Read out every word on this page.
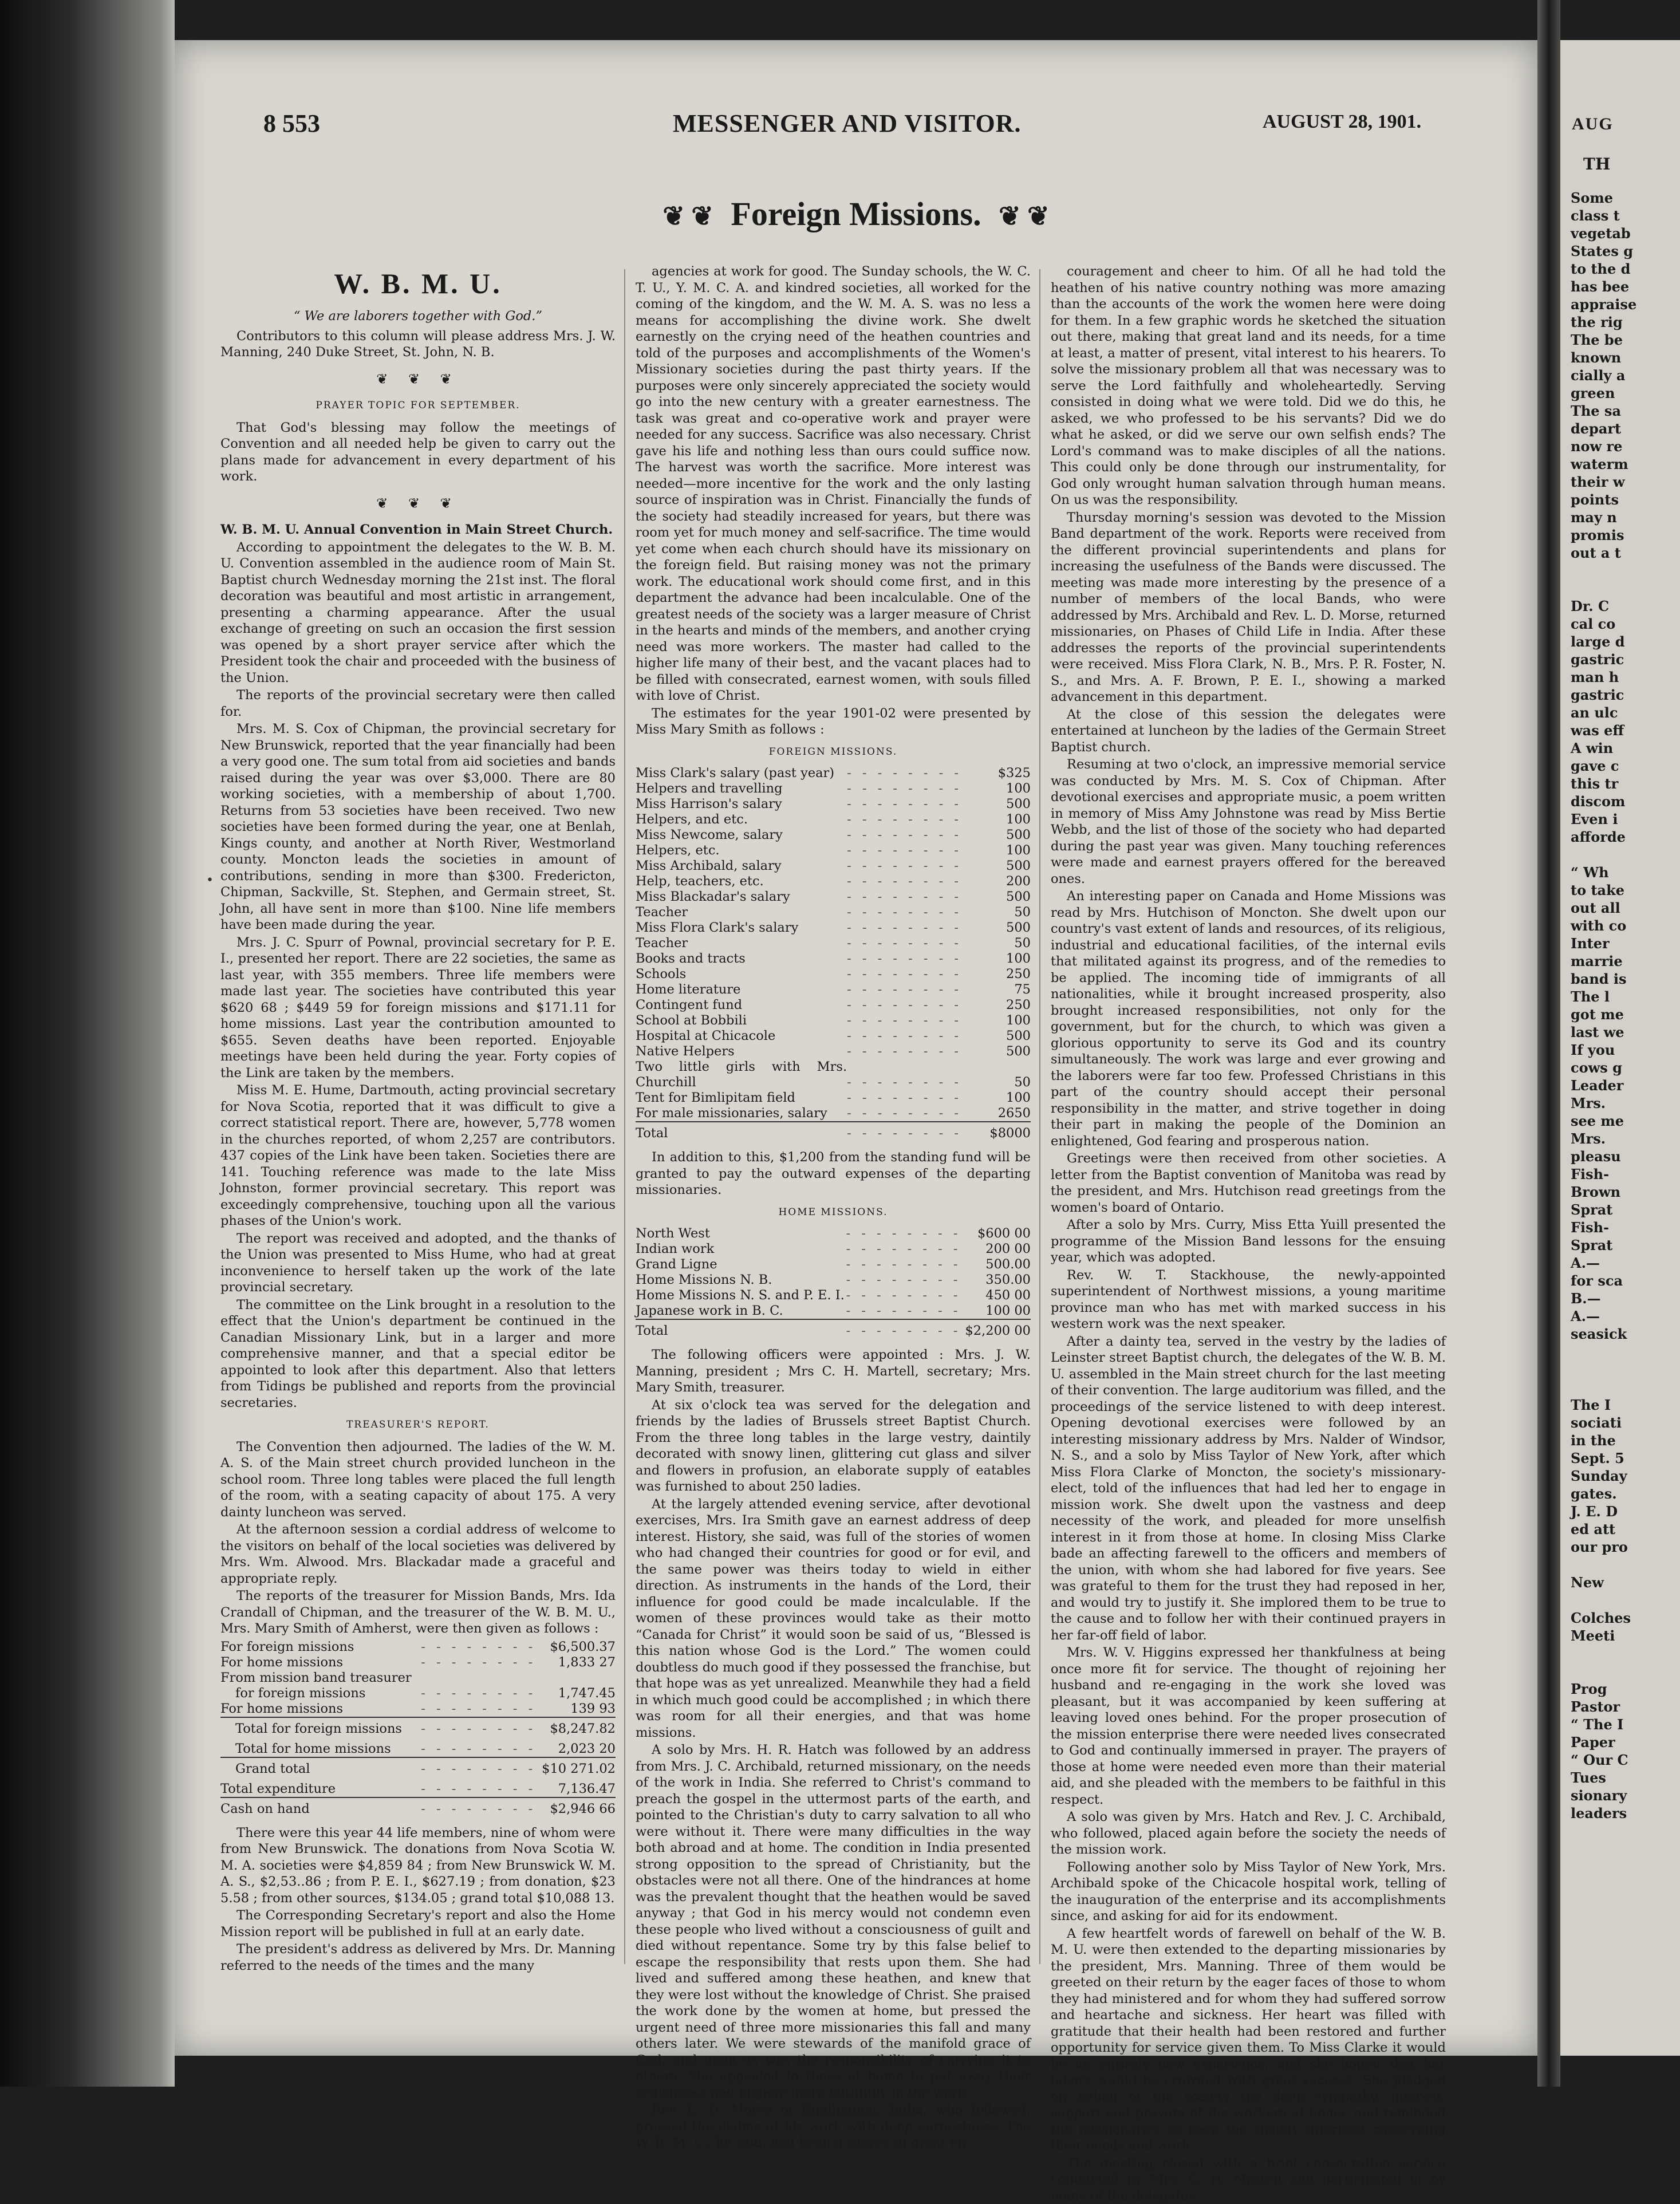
8 553	MESSENGER AND VISITOR.	AUGUST 28, 1901.
❦ ❦ Foreign Missions. ❦ ❦
W. B. M. U.
“ We are laborers together with God.”

Contributors to this column will please address Mrs. J. W. Manning, 240 Duke Street, St. John, N. B.

❦ ❦ ❦
PRAYER TOPIC FOR SEPTEMBER.

That God's blessing may follow the meetings of Convention and all needed help be given to carry out the plans made for advancement in every department of his work.

❦ ❦ ❦

W. B. M. U. Annual Convention in Main Street Church.

According to appointment the delegates to the W. B. M. U. Convention assembled in the audience room of Main St. Baptist church Wednesday morning the 21st inst. The floral decoration was beautiful and most artistic in arrangement, presenting a charming appearance. After the usual exchange of greeting on such an occasion the first session was opened by a short prayer service after which the President took the chair and proceeded with the business of the Union.

The reports of the provincial secretary were then called for.

Mrs. M. S. Cox of Chipman, the provincial secretary for New Brunswick, reported that the year financially had been a very good one. The sum total from aid societies and bands raised during the year was over $3,000. There are 80 working societies, with a membership of about 1,700. Returns from 53 societies have been received. Two new societies have been formed during the year, one at Benlah, Kings county, and another at North River, Westmorland county. Moncton leads the societies in amount of contributions, sending in more than $300. Fredericton, Chipman, Sackville, St. Stephen, and Germain street, St. John, all have sent in more than $100. Nine life members have been made during the year.

Mrs. J. C. Spurr of Pownal, provincial secretary for P. E. I., presented her report. There are 22 societies, the same as last year, with 355 members. Three life members were made last year. The societies have contributed this year $620 68 ; $449 59 for foreign missions and $171.11 for home missions. Last year the contribution amounted to $655. Seven deaths have been reported. Enjoyable meetings have been held during the year. Forty copies of the Link are taken by the members.

Miss M. E. Hume, Dartmouth, acting provincial secretary for Nova Scotia, reported that it was difficult to give a correct statistical report. There are, however, 5,778 women in the churches reported, of whom 2,257 are contributors. 437 copies of the Link have been taken. Societies there are 141. Touching reference was made to the late Miss Johnston, former provincial secretary. This report was exceedingly comprehensive, touching upon all the various phases of the Union's work.

The report was received and adopted, and the thanks of the Union was presented to Miss Hume, who had at great inconvenience to herself taken up the work of the late provincial secretary.

The committee on the Link brought in a resolution to the effect that the Union's department be continued in the Canadian Missionary Link, but in a larger and more comprehensive manner, and that a special editor be appointed to look after this department. Also that letters from Tidings be published and reports from the provincial secretaries.

TREASURER'S REPORT.

The Convention then adjourned. The ladies of the W. M. A. S. of the Main street church provided luncheon in the school room. Three long tables were placed the full length of the room, with a seating capacity of about 175. A very dainty luncheon was served.

At the afternoon session a cordial address of welcome to the visitors on behalf of the local societies was delivered by Mrs. Wm. Alwood. Mrs. Blackadar made a graceful and appropriate reply.

The reports of the treasurer for Mission Bands, Mrs. Ida Crandall of Chipman, and the treasurer of the W. B. M. U., Mrs. Mary Smith of Amherst, were then given as follows :

For foreign missions	- - - - - - - -	$6,500.37
For home missions	- - - - - - - -	1,833 27
From mission band treasurer		
for foreign missions	- - - - - - - -	1,747.45
For home missions	- - - - - - - -	139 93
Total for foreign missions	- - - - - - - -	$8,247.82
Total for home missions	- - - - - - - -	2,023 20
Grand total	- - - - - - - -	$10 271.02
Total expenditure	- - - - - - - -	7,136.47
Cash on hand	- - - - - - - -	$2,946 66

There were this year 44 life members, nine of whom were from New Brunswick. The donations from Nova Scotia W. M. A. societies were $4,859 84 ; from New Brunswick W. M. A. S., $2,53..86 ; from P. E. I., $627.19 ; from donation, $23 5.58 ; from other sources, $134.05 ; grand total $10,088 13.

The Corresponding Secretary's report and also the Home Mission report will be published in full at an early date.

The president's address as delivered by Mrs. Dr. Manning referred to the needs of the times and the many

agencies at work for good. The Sunday schools, the W. C. T. U., Y. M. C. A. and kindred societies, all worked for the coming of the kingdom, and the W. M. A. S. was no less a means for accomplishing the divine work. She dwelt earnestly on the crying need of the heathen countries and told of the purposes and accomplishments of the Women's Missionary societies during the past thirty years. If the purposes were only sincerely appreciated the society would go into the new century with a greater earnestness. The task was great and co-operative work and prayer were needed for any success. Sacrifice was also necessary. Christ gave his life and nothing less than ours could suffice now. The harvest was worth the sacrifice. More interest was needed—more incentive for the work and the only lasting source of inspiration was in Christ. Financially the funds of the society had steadily increased for years, but there was room yet for much money and self-sacrifice. The time would yet come when each church should have its missionary on the foreign field. But raising money was not the primary work. The educational work should come first, and in this department the advance had been incalculable. One of the greatest needs of the society was a larger measure of Christ in the hearts and minds of the members, and another crying need was more workers. The master had called to the higher life many of their best, and the vacant places had to be filled with consecrated, earnest women, with souls filled with love of Christ.

The estimates for the year 1901-02 were presented by Miss Mary Smith as follows :

FOREIGN MISSIONS.
Miss Clark's salary (past year)	- - - - - - - -	$325
Helpers and travelling	- - - - - - - -	100
Miss Harrison's salary	- - - - - - - -	500
Helpers, and etc.	- - - - - - - -	100
Miss Newcome, salary	- - - - - - - -	500
Helpers, etc.	- - - - - - - -	100
Miss Archibald, salary	- - - - - - - -	500
Help, teachers, etc.	- - - - - - - -	200
Miss Blackadar's salary	- - - - - - - -	500
Teacher	- - - - - - - -	50
Miss Flora Clark's salary	- - - - - - - -	500
Teacher	- - - - - - - -	50
Books and tracts	- - - - - - - -	100
Schools	- - - - - - - -	250
Home literature	- - - - - - - -	75
Contingent fund	- - - - - - - -	250
School at Bobbili	- - - - - - - -	100
Hospital at Chicacole	- - - - - - - -	500
Native Helpers	- - - - - - - -	500
Two little girls with Mrs. Churchill	- - - - - - - -	50
Tent for Bimlipitam field	- - - - - - - -	100
For male missionaries, salary	- - - - - - - -	2650
Total	- - - - - - - -	$8000

In addition to this, $1,200 from the standing fund will be granted to pay the outward expenses of the departing missionaries.

HOME MISSIONS.
North West	- - - - - - - -	$600 00
Indian work	- - - - - - - -	200 00
Grand Ligne	- - - - - - - -	500.00
Home Missions N. B.	- - - - - - - -	350.00
Home Missions N. S. and P. E. I.	- - - - - - - -	450 00
Japanese work in B. C.	- - - - - - - -	100 00
Total	- - - - - - - -	$2,200 00

The following officers were appointed : Mrs. J. W. Manning, president ; Mrs C. H. Martell, secretary; Mrs. Mary Smith, treasurer.

At six o'clock tea was served for the delegation and friends by the ladies of Brussels street Baptist Church. From the three long tables in the large vestry, daintily decorated with snowy linen, glittering cut glass and silver and flowers in profusion, an elaborate supply of eatables was furnished to about 250 ladies.

At the largely attended evening service, after devotional exercises, Mrs. Ira Smith gave an earnest address of deep interest. History, she said, was full of the stories of women who had changed their countries for good or for evil, and the same power was theirs today to wield in either direction. As instruments in the hands of the Lord, their influence for good could be made incalculable. If the women of these provinces would take as their motto “Canada for Christ” it would soon be said of us, “Blessed is this nation whose God is the Lord.” The women could doubtless do much good if they possessed the franchise, but that hope was as yet unrealized. Meanwhile they had a field in which much good could be accomplished ; in which there was room for all their energies, and that was home missions.

A solo by Mrs. H. R. Hatch was followed by an address from Mrs. J. C. Archibald, returned missionary, on the needs of the work in India. She referred to Christ's command to preach the gospel in the uttermost parts of the earth, and pointed to the Christian's duty to carry salvation to all who were without it. There were many difficulties in the way both abroad and at home. The condition in India presented strong opposition to the spread of Christianity, but the obstacles were not all there. One of the hindrances at home was the prevalent thought that the heathen would be saved anyway ; that God in his mercy would not condemn even these people who lived without a consciousness of guilt and died without repentance. Some try by this false belief to escape the responsibility that rests upon them. She had lived and suffered among these heathen, and knew that they were lost without the knowledge of Christ. She praised the work done by the women at home, but pressed the urgent need of three more missionaries this fall and many others later. We were stewards of the manifold grace of God, and upon us was the responsibility of carrying it to others. She appealed to those at home to put away their selfishness and engage more faithfully in the work.

Rev. L. D. Morse of Bimlipatam, India, who followed, pressed the claims of his work with deep earnestness. The W. B. M. U., he said, had been a source of great en-

couragement and cheer to him. Of all he had told the heathen of his native country nothing was more amazing than the accounts of the work the women here were doing for them. In a few graphic words he sketched the situation out there, making that great land and its needs, for a time at least, a matter of present, vital interest to his hearers. To solve the missionary problem all that was necessary was to serve the Lord faithfully and wholeheartedly. Serving consisted in doing what we were told. Did we do this, he asked, we who professed to be his servants? Did we do what he asked, or did we serve our own selfish ends? The Lord's command was to make disciples of all the nations. This could only be done through our instrumentality, for God only wrought human salvation through human means. On us was the responsibility.

Thursday morning's session was devoted to the Mission Band department of the work. Reports were received from the different provincial superintendents and plans for increasing the usefulness of the Bands were discussed. The meeting was made more interesting by the presence of a number of members of the local Bands, who were addressed by Mrs. Archibald and Rev. L. D. Morse, returned missionaries, on Phases of Child Life in India. After these addresses the reports of the provincial superintendents were received. Miss Flora Clark, N. B., Mrs. P. R. Foster, N. S., and Mrs. A. F. Brown, P. E. I., showing a marked advancement in this department.

At the close of this session the delegates were entertained at luncheon by the ladies of the Germain Street Baptist church.

Resuming at two o'clock, an impressive memorial service was conducted by Mrs. M. S. Cox of Chipman. After devotional exercises and appropriate music, a poem written in memory of Miss Amy Johnstone was read by Miss Bertie Webb, and the list of those of the society who had departed during the past year was given. Many touching references were made and earnest prayers offered for the bereaved ones.

An interesting paper on Canada and Home Missions was read by Mrs. Hutchison of Moncton. She dwelt upon our country's vast extent of lands and resources, of its religious, industrial and educational facilities, of the internal evils that militated against its progress, and of the remedies to be applied. The incoming tide of immigrants of all nationalities, while it brought increased prosperity, also brought increased responsibilities, not only for the government, but for the church, to which was given a glorious opportunity to serve its God and its country simultaneously. The work was large and ever growing and the laborers were far too few. Professed Christians in this part of the country should accept their personal responsibility in the matter, and strive together in doing their part in making the people of the Dominion an enlightened, God fearing and prosperous nation.

Greetings were then received from other societies. A letter from the Baptist convention of Manitoba was read by the president, and Mrs. Hutchison read greetings from the women's board of Ontario.

After a solo by Mrs. Curry, Miss Etta Yuill presented the programme of the Mission Band lessons for the ensuing year, which was adopted.

Rev. W. T. Stackhouse, the newly-appointed superintendent of Northwest missions, a young maritime province man who has met with marked success in his western work was the next speaker.

After a dainty tea, served in the vestry by the ladies of Leinster street Baptist church, the delegates of the W. B. M. U. assembled in the Main street church for the last meeting of their convention. The large auditorium was filled, and the proceedings of the service listened to with deep interest. Opening devotional exercises were followed by an interesting missionary address by Mrs. Nalder of Windsor, N. S., and a solo by Miss Taylor of New York, after which Miss Flora Clarke of Moncton, the society's missionary-elect, told of the influences that had led her to engage in mission work. She dwelt upon the vastness and deep necessity of the work, and pleaded for more unselfish interest in it from those at home. In closing Miss Clarke bade an affecting farewell to the officers and members of the union, with whom she had labored for five years. See was grateful to them for the trust they had reposed in her, and would try to justify it. She implored them to be true to the cause and to follow her with their continued prayers in her far-off field of labor.

Mrs. W. V. Higgins expressed her thankfulness at being once more fit for service. The thought of rejoining her husband and re-engaging in the work she loved was pleasant, but it was accompanied by keen suffering at leaving loved ones behind. For the proper prosecution of the mission enterprise there were needed lives consecrated to God and continually immersed in prayer. The prayers of those at home were needed even more than their material aid, and she pleaded with the members to be faithful in this respect.

A solo was given by Mrs. Hatch and Rev. J. C. Archibald, who followed, placed again before the society the needs of the mission work.

Following another solo by Miss Taylor of New York, Mrs. Archibald spoke of the Chicacole hospital work, telling of the inauguration of the enterprise and its accomplishments since, and asking for aid for its endowment.

A few heartfelt words of farewell on behalf of the W. B. M. U. were then extended to the departing missionaries by the president, Mrs. Manning. Three of them would be greeted on their return by the eager faces of those to whom they had ministered and for whom they had suffered sorrow and heartache and sickness. Her heart was filled with gratitude that their health had been restored and further opportunity for service given them. To Miss Clarke it would be an entirely new experience, and she hoped that her labors would be crowned with great success. She pledged on behalf of the society the deep sympathy, interest, support and prayers of the workers at home, and reminded the missionaries to keep the society informed concerning their needs and work.

The meeting closed with a brief consecration service conducted by Mrs. C. H. Martell and participated in by many of the delegates.

•
AUG
TH
Some
class t
vegetab
States g
to the d
has bee
appraise
the rig
The be
known
cially a
green
The sa
depart
now re
waterm
their w
points
may n
promis
out a t

Dr. C
cal co
large d
gastric
man h
gastric
an ulc
was eff
A win
gave c
this tr
discom
Even i
afforde

“ Wh
to take
out all
with co
Inter
marrie
band is
The l
got me
last we
If you
cows g
Leader
Mrs.
see me
Mrs.
pleasu
Fish-
Brown
Sprat
Fish-
Sprat
A.—
for sca
B.—
A.—
seasick

The I
sociati
in the
Sept. 5
Sunday
gates.
J. E. D
ed att
our pro

New

Colches
Meeti

Prog
Pastor
“ The I
Paper
“ Our C
Tues
sionary
leaders
